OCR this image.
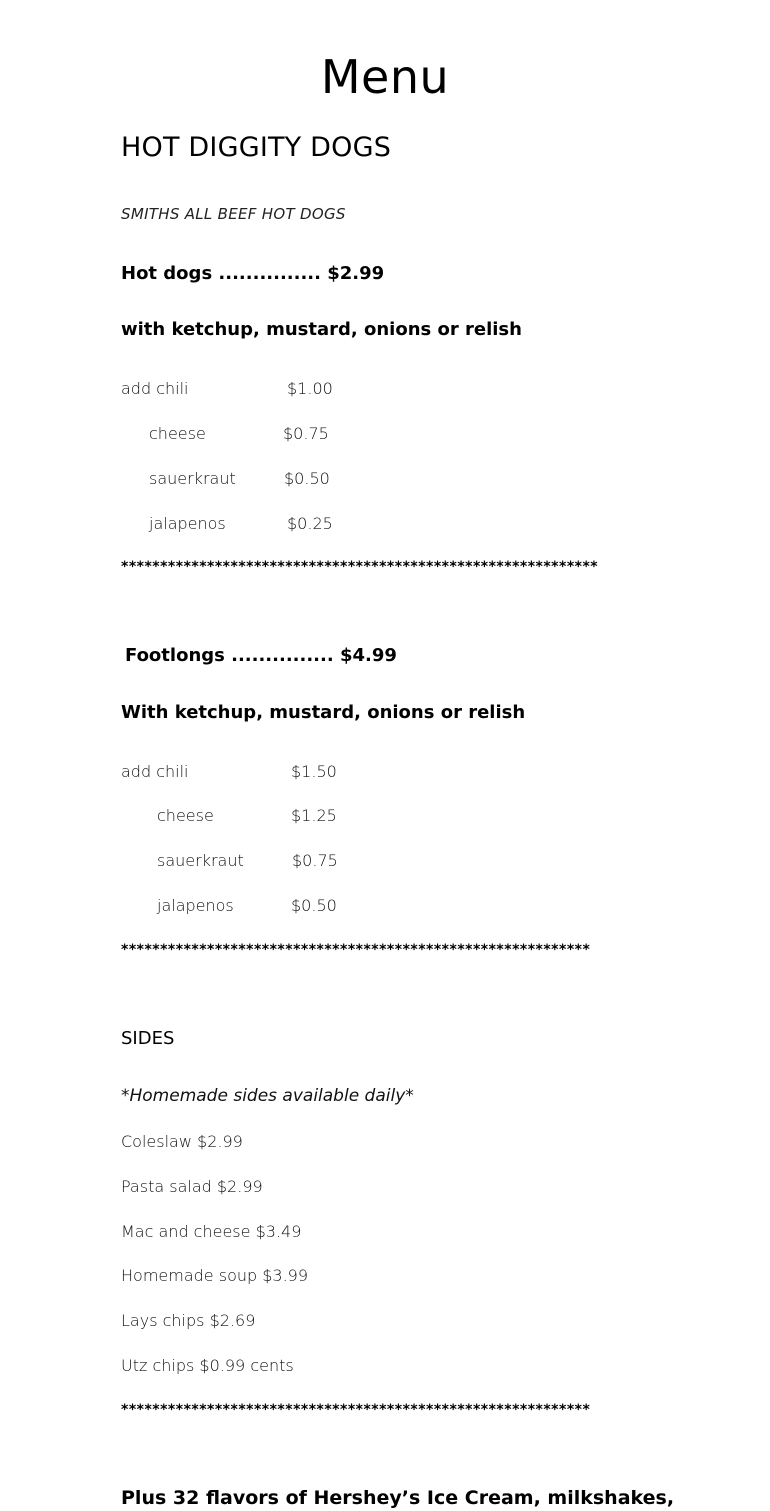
Menu
HOT DIGGITY DOGS
SMITHS ALL BEEF HOT DOGS
Hot dogs ............... $2.99
with ketchup, mustard, onions or relish
add chili	$1.00
cheese	$0.75
sauerkraut	$0.50
jalapenos	$0.25
*************************************************************
Footlongs ............... $4.99
With ketchup, mustard, onions or relish
add chili	$1.50
cheese	$1.25
sauerkraut	$0.75
jalapenos	$0.50
************************************************************
SIDES
*Homemade sides available daily*
Coleslaw $2.99
Pasta salad $2.99
Mac and cheese $3.49
Homemade soup $3.99
Lays chips $2.69
Utz chips $0.99 cents
************************************************************
Plus 32 flavors of Hershey’s Ice Cream, milkshakes,
